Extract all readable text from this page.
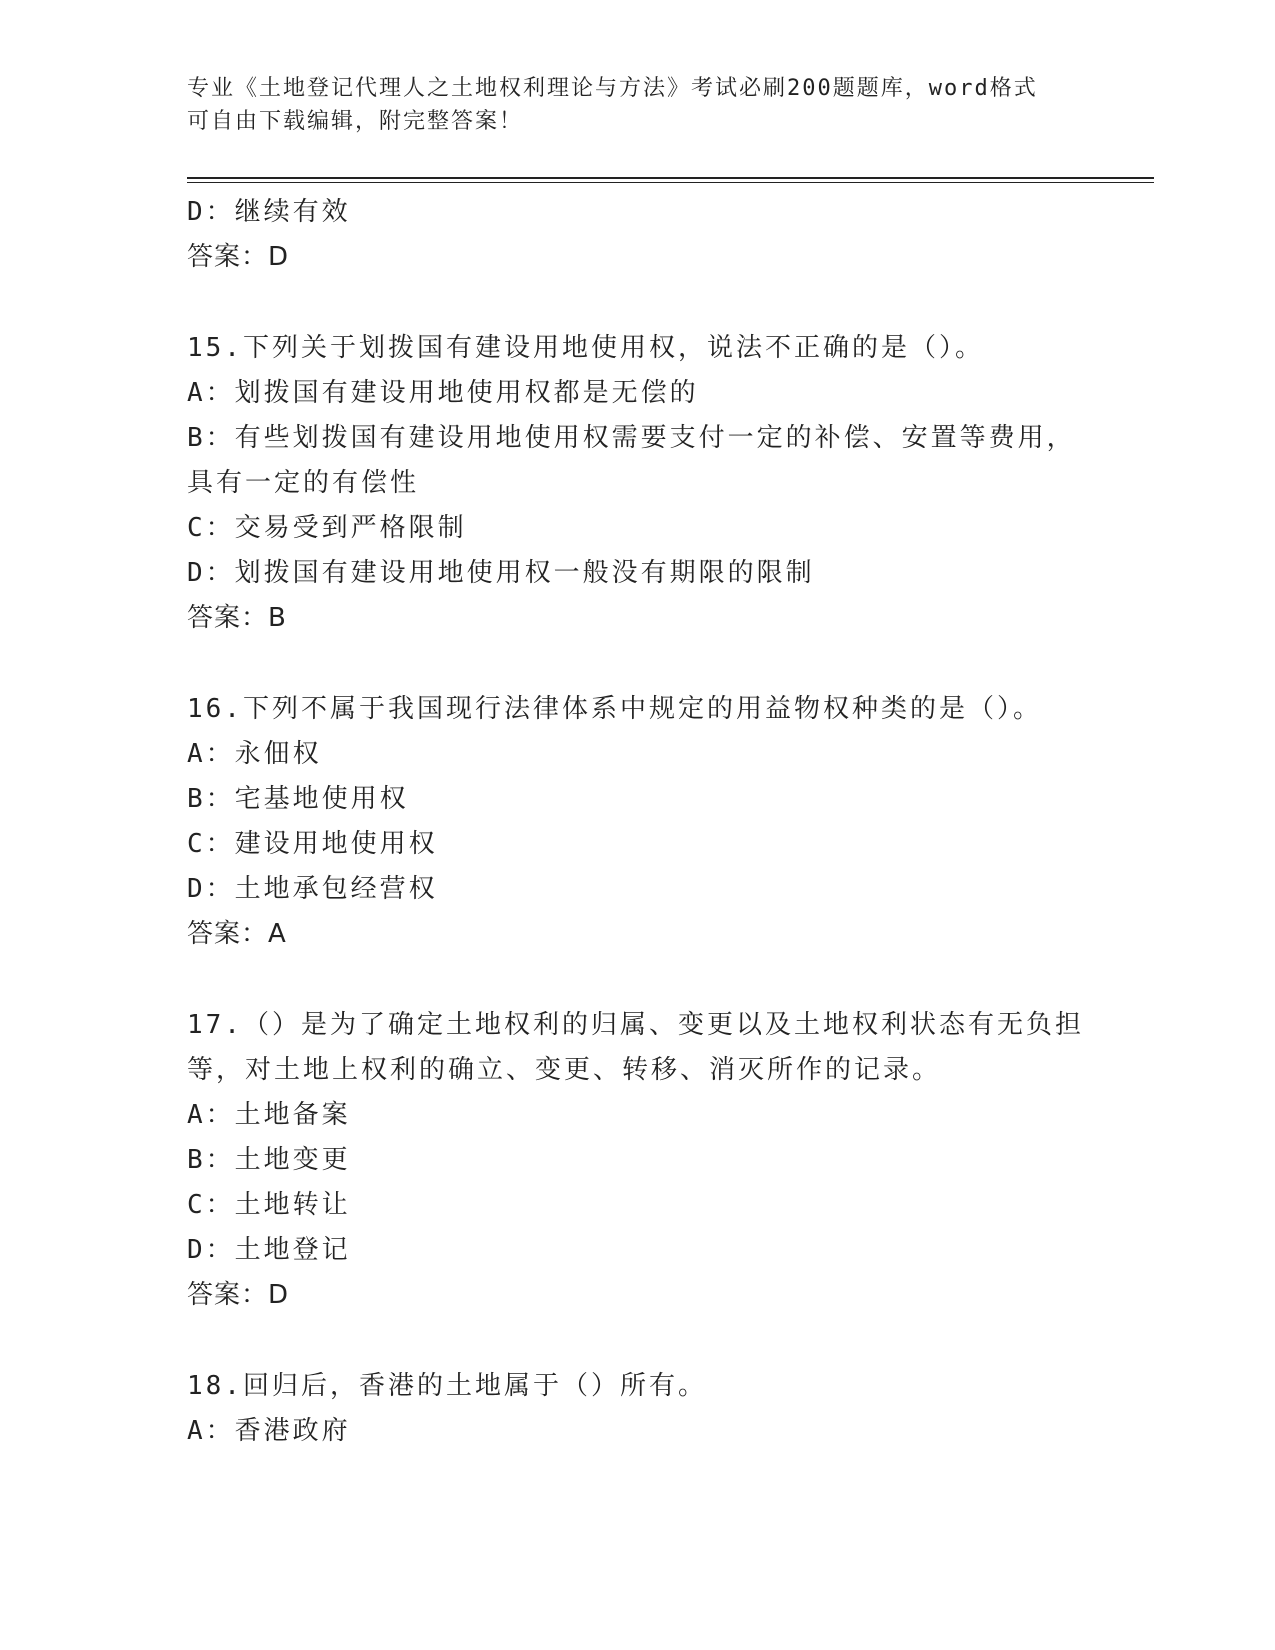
专业《土地登记代理人之土地权利理论与方法》考试必刷200题题库，word格式
可自由下载编辑，附完整答案！
D：继续有效
答案：D
15.下列关于划拨国有建设用地使用权，说法不正确的是（）。
A：划拨国有建设用地使用权都是无偿的
B：有些划拨国有建设用地使用权需要支付一定的补偿、安置等费用，
具有一定的有偿性
C：交易受到严格限制
D：划拨国有建设用地使用权一般没有期限的限制
答案：B
16.下列不属于我国现行法律体系中规定的用益物权种类的是（）。
A：永佃权
B：宅基地使用权
C：建设用地使用权
D：土地承包经营权
答案：A
17.（）是为了确定土地权利的归属、变更以及土地权利状态有无负担
等，对土地上权利的确立、变更、转移、消灭所作的记录。
A：土地备案
B：土地变更
C：土地转让
D：土地登记
答案：D
18.回归后，香港的土地属于（）所有。
A：香港政府
